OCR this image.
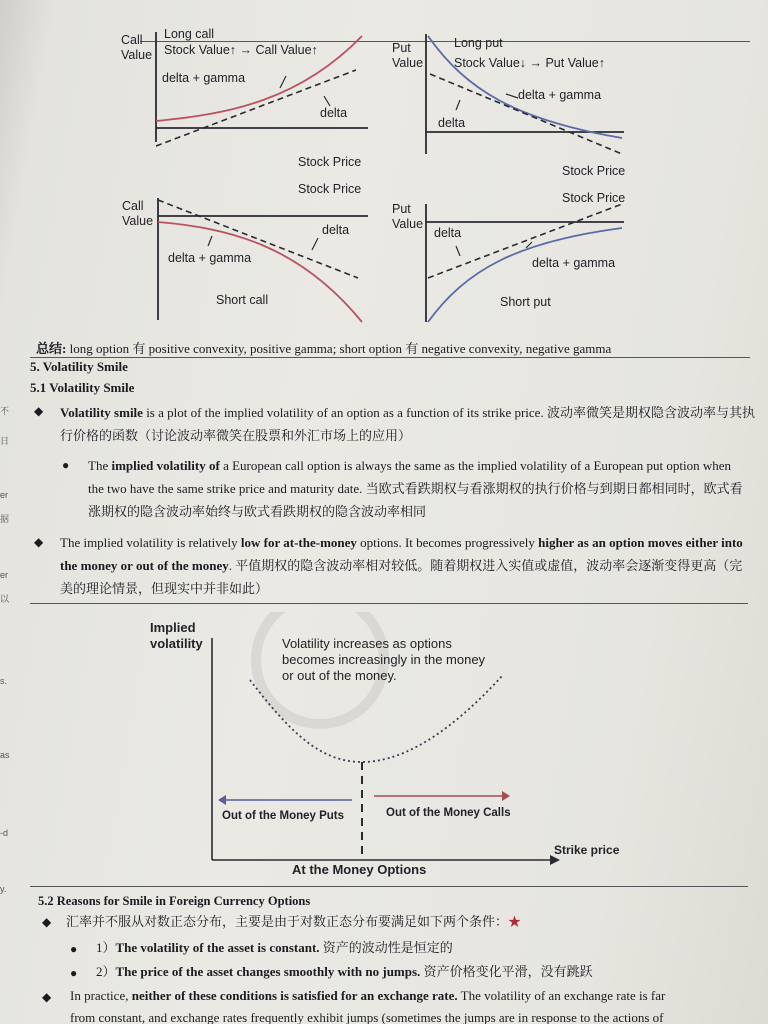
Call
Value
Long call
Stock Value↑ → Call Value↑
delta + gamma
delta
Stock Price
Put
Value
Long put
Stock Value↓ → Put Value↑
delta + gamma
delta
Stock Price
Stock Price
Call
Value
delta
delta + gamma
Short call
Stock Price
Put
Value
delta
delta + gamma
Short put
总结: long option 有 positive convexity, positive gamma; short option 有 negative convexity, negative gamma
5. Volatility Smile
5.1 Volatility Smile
◆ Volatility smile is a plot of the implied volatility of an option as a function of its strike price. 波动率微笑是期权隐含波动率与其执行价格的函数（讨论波动率微笑在股票和外汇市场上的应用）
● The implied volatility of a European call option is always the same as the implied volatility of a European put option when the two have the same strike price and maturity date. 当欧式看跌期权与看涨期权的执行价格与到期日都相同时，欧式看涨期权的隐含波动率始终与欧式看跌期权的隐含波动率相同
◆ The implied volatility is relatively low for at-the-money options. It becomes progressively higher as an option moves either into the money or out of the money. 平值期权的隐含波动率相对较低。随着期权进入实值或虚值，波动率会逐渐变得更高（完美的理论情景，但现实中并非如此）
Implied
volatility	Volatility increases as options
becomes increasingly in the money
or out of the money.
Out of the Money Puts	Out of the Money Calls
Strike price
At the Money Options
5.2 Reasons for Smile in Foreign Currency Options
◆ 汇率并不服从对数正态分布，主要是由于对数正态分布要满足如下两个条件：★
● 1）The volatility of the asset is constant. 资产的波动性是恒定的
● 2）The price of the asset changes smoothly with no jumps. 资产价格变化平滑，没有跳跃
◆ In practice, neither of these conditions is satisfied for an exchange rate. The volatility of an exchange rate is far
from constant, and exchange rates frequently exhibit jumps (sometimes the jumps are in response to the actions of
不
日
er
据
er
以
s.
as
-d
y.
